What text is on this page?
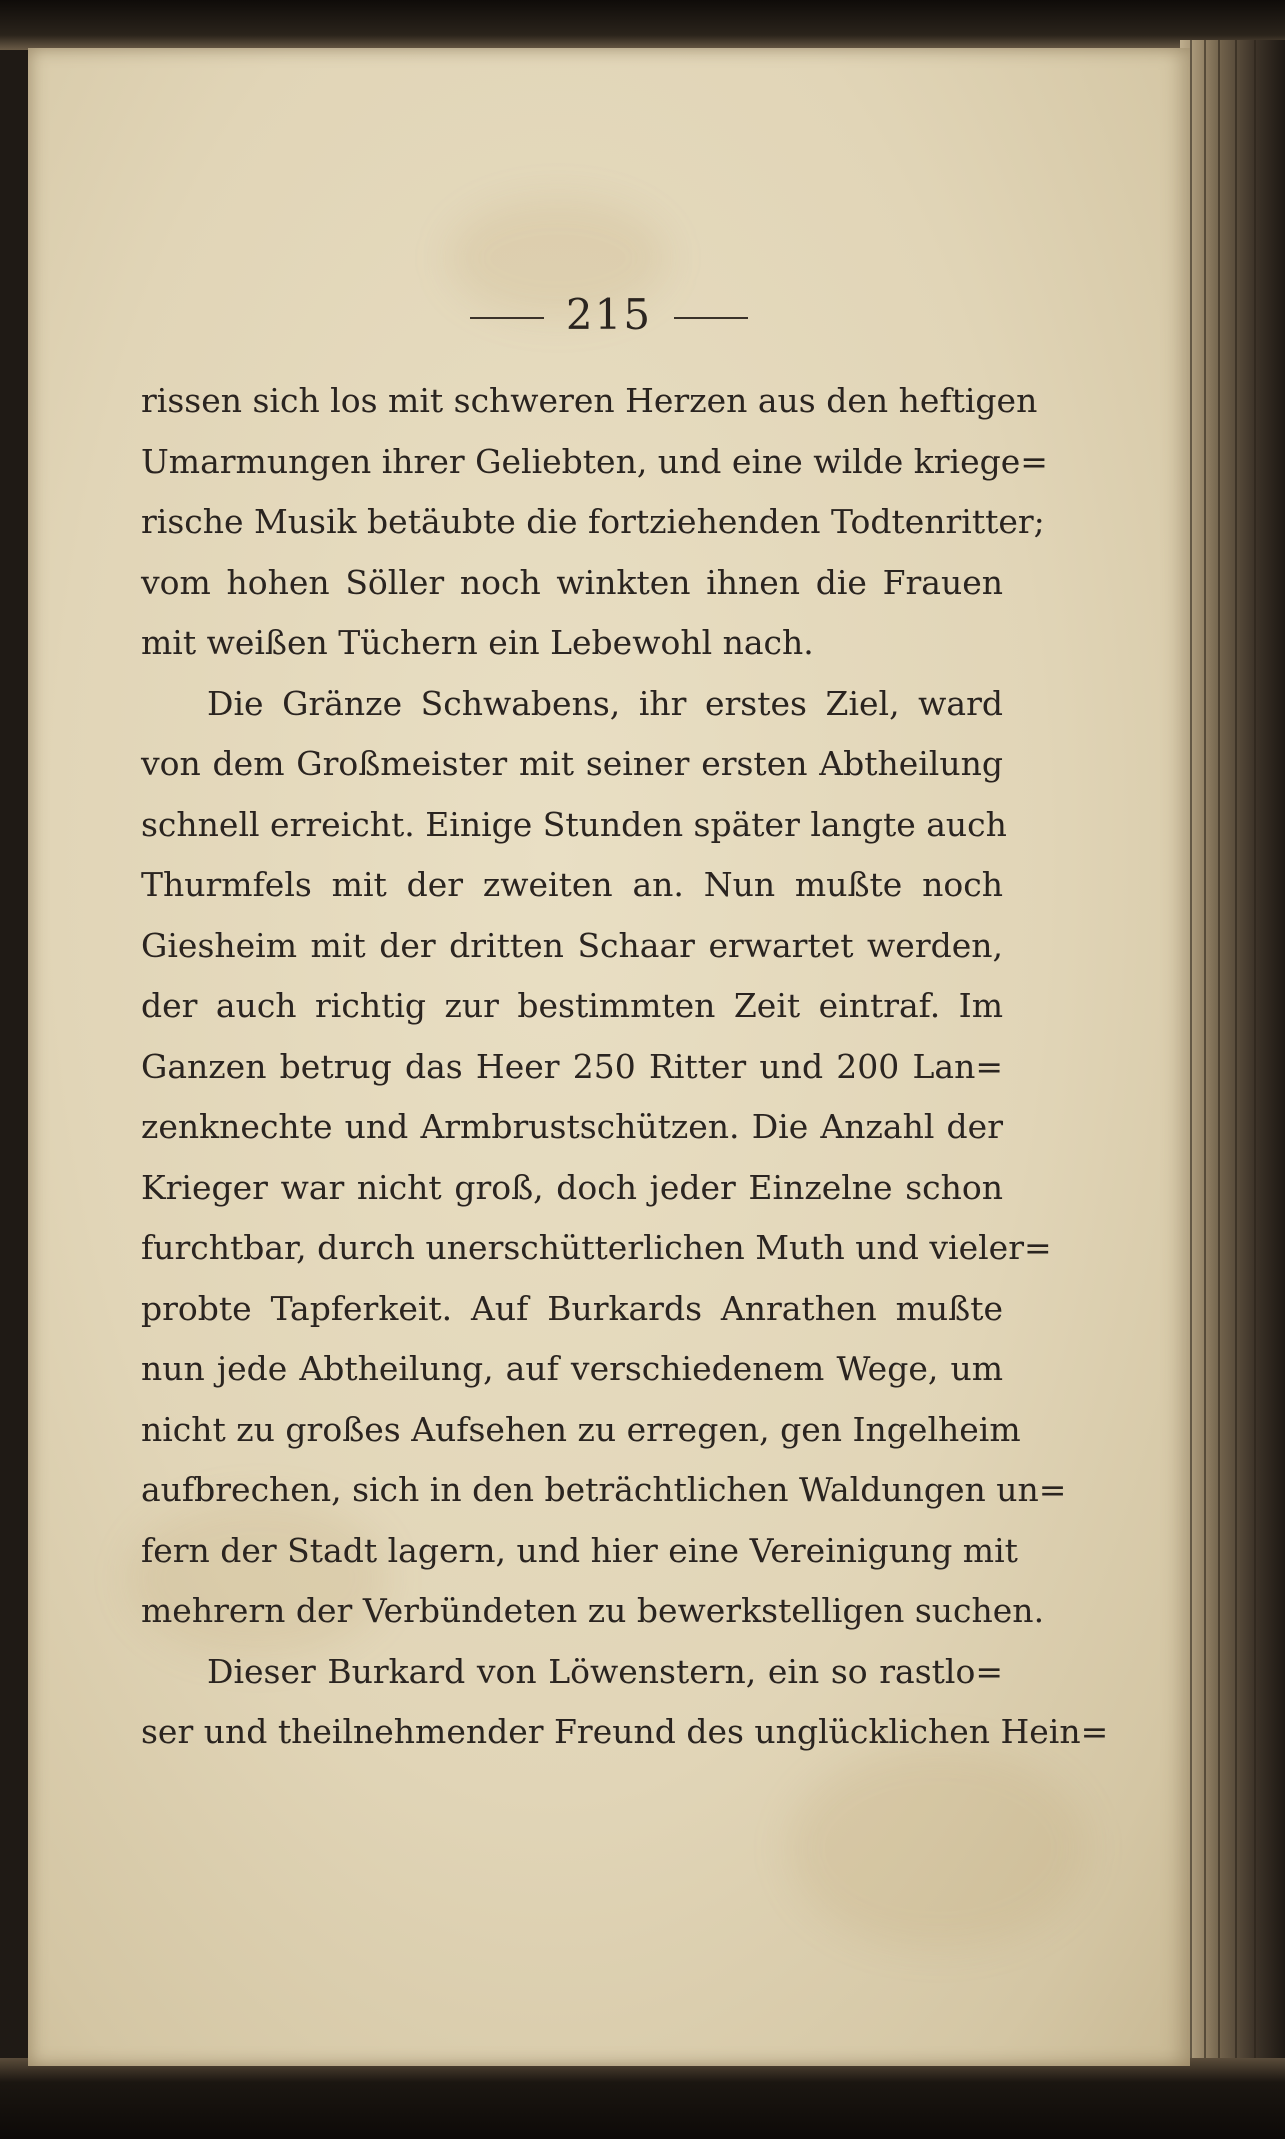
215
rissen sich los mit schweren Herzen aus den heftigen
Umarmungen ihrer Geliebten, und eine wilde kriege=
rische Musik betäubte die fortziehenden Todtenritter;
vom hohen Söller noch winkten ihnen die Frauen
mit weißen Tüchern ein Lebewohl nach.
Die Gränze Schwabens, ihr erstes Ziel, ward
von dem Großmeister mit seiner ersten Abtheilung
schnell erreicht. Einige Stunden später langte auch
Thurmfels mit der zweiten an. Nun mußte noch
Giesheim mit der dritten Schaar erwartet werden,
der auch richtig zur bestimmten Zeit eintraf. Im
Ganzen betrug das Heer 250 Ritter und 200 Lan=
zenknechte und Armbrustschützen. Die Anzahl der
Krieger war nicht groß, doch jeder Einzelne schon
furchtbar, durch unerschütterlichen Muth und vieler=
probte Tapferkeit. Auf Burkards Anrathen mußte
nun jede Abtheilung, auf verschiedenem Wege, um
nicht zu großes Aufsehen zu erregen, gen Ingelheim
aufbrechen, sich in den beträchtlichen Waldungen un=
fern der Stadt lagern, und hier eine Vereinigung mit
mehrern der Verbündeten zu bewerkstelligen suchen.
Dieser Burkard von Löwenstern, ein so rastlo=
ser und theilnehmender Freund des unglücklichen Hein=
